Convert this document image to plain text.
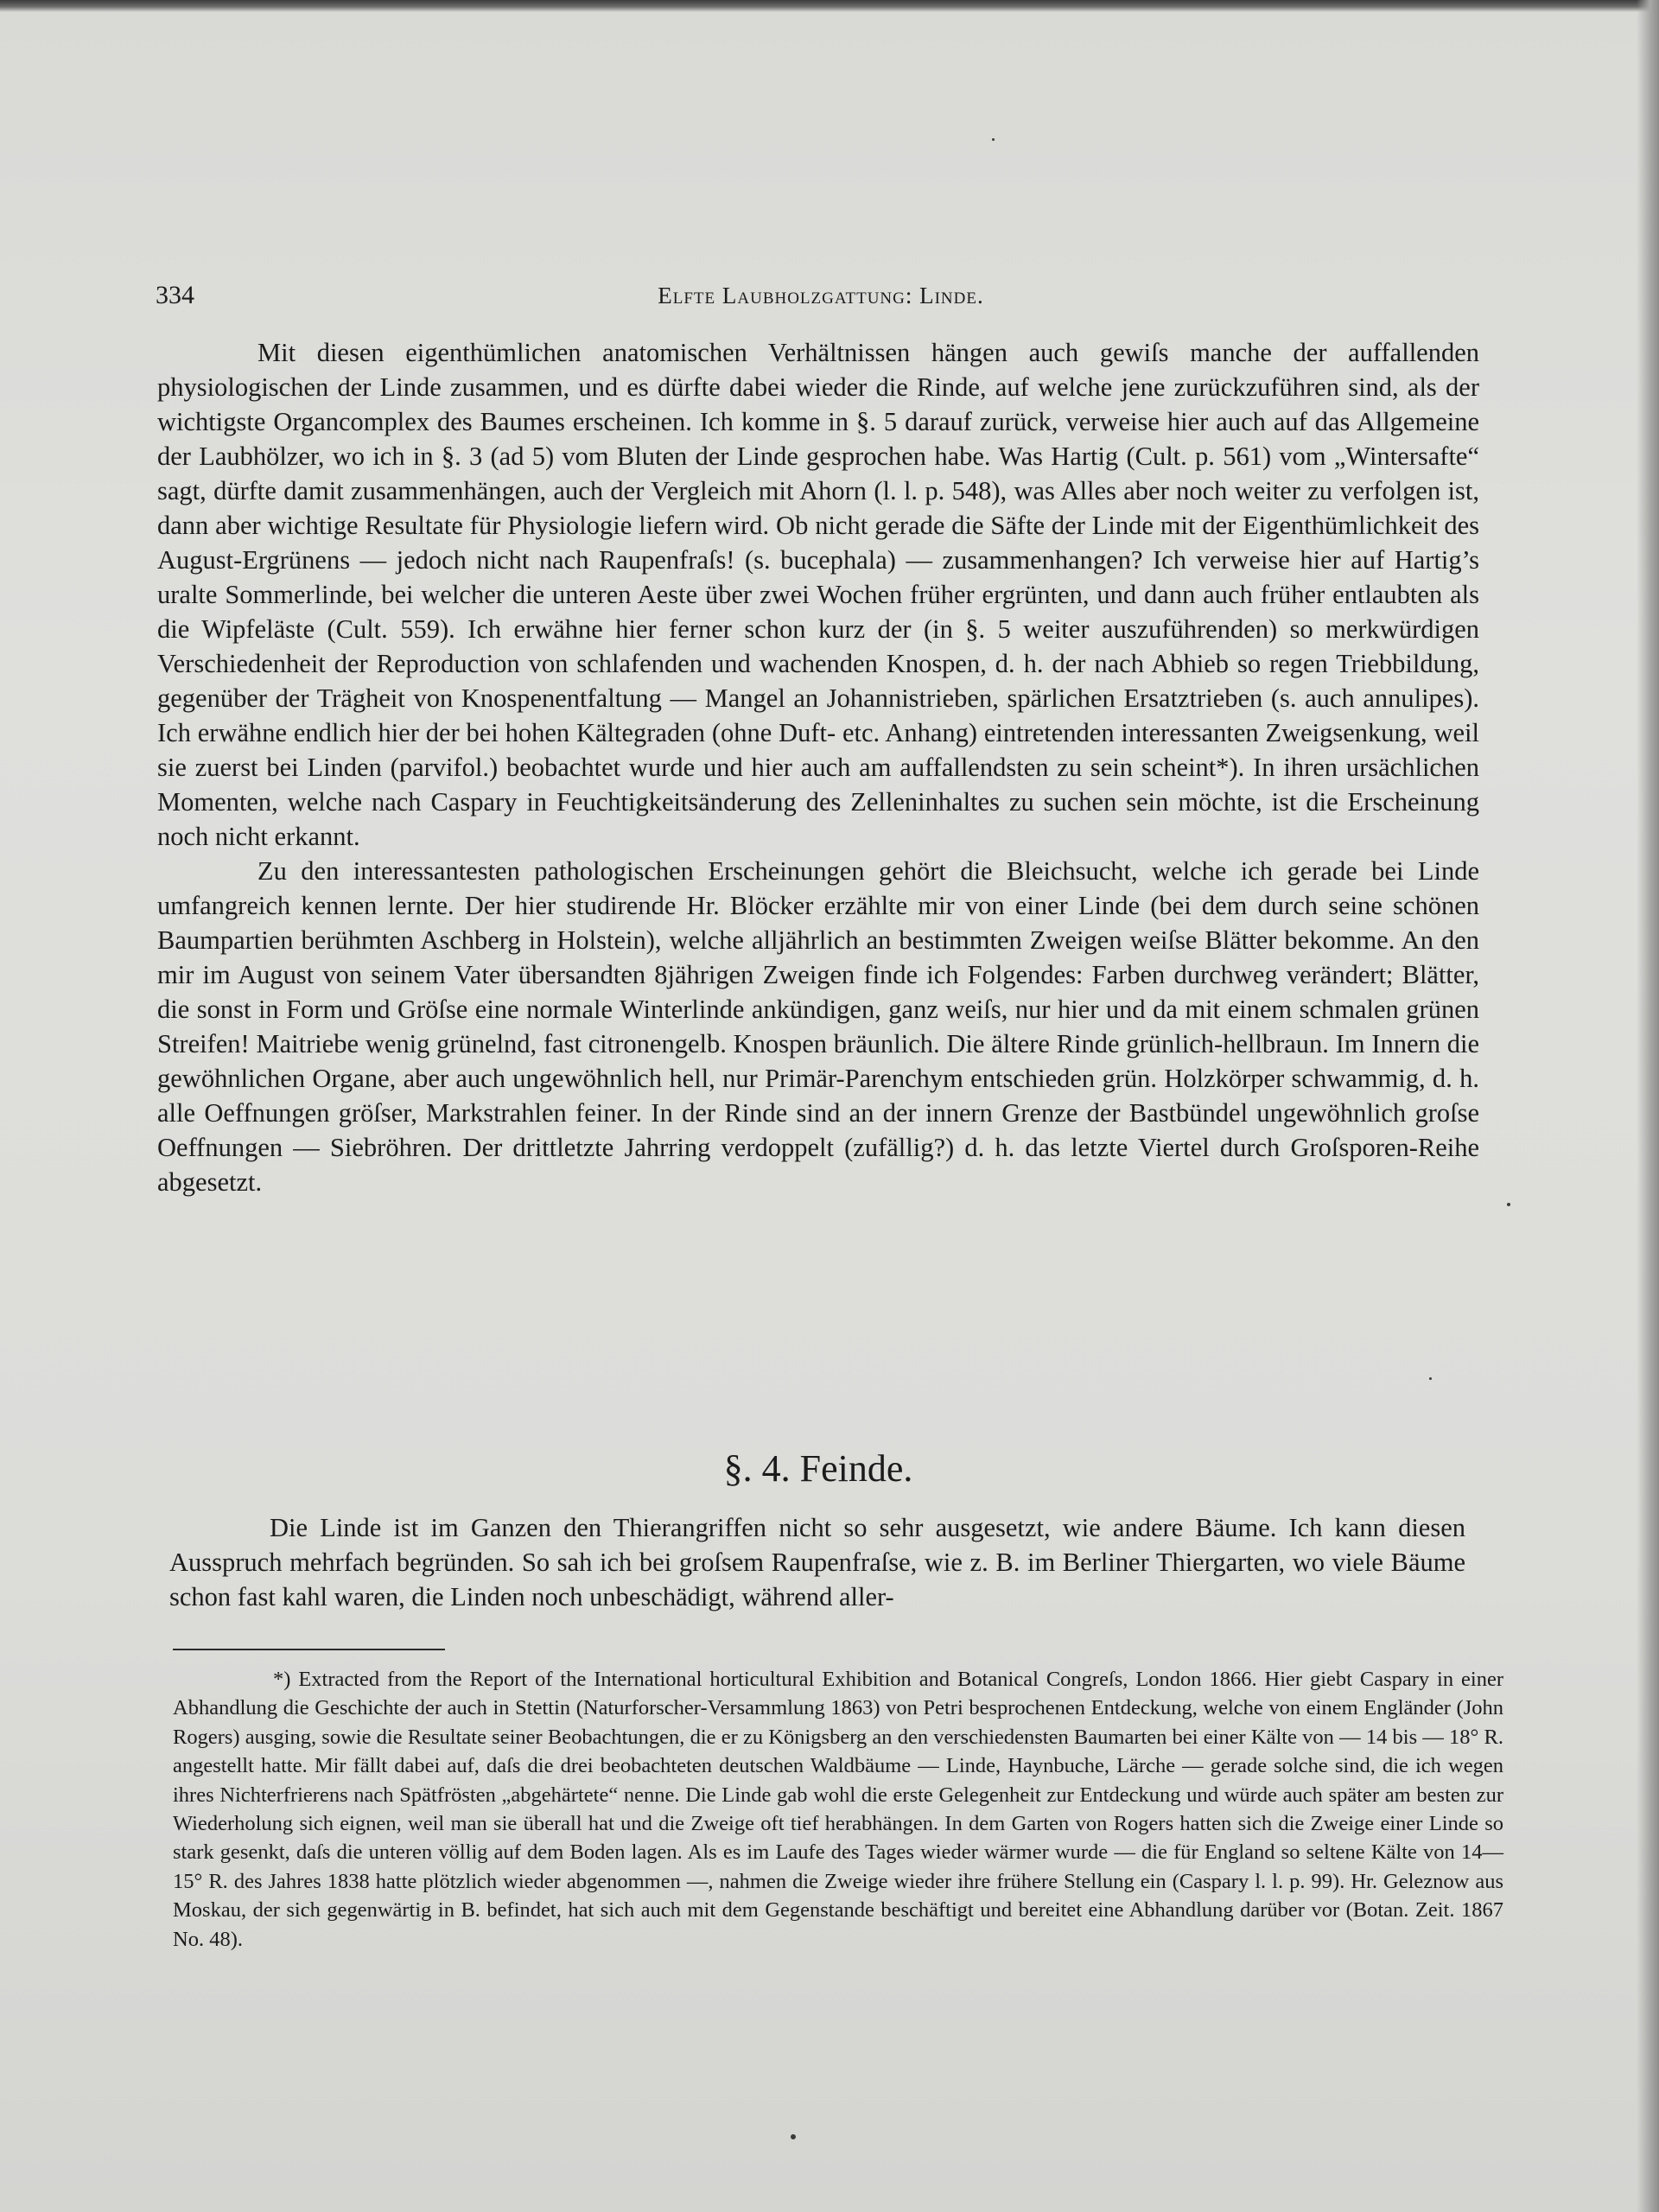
334	Elfte Laubholzgattung: Linde.

Mit diesen eigenthümlichen anatomischen Verhältnissen hängen auch gewiſs manche der auffallenden physiologischen der Linde zusammen, und es dürfte dabei wieder die Rinde, auf welche jene zurückzuführen sind, als der wichtigste Organcomplex des Baumes erscheinen. Ich komme in §. 5 darauf zurück, verweise hier auch auf das Allgemeine der Laubhölzer, wo ich in §. 3 (ad 5) vom Bluten der Linde gesprochen habe. Was Hartig (Cult. p. 561) vom „Wintersafte“ sagt, dürfte damit zusammenhängen, auch der Vergleich mit Ahorn (l. l. p. 548), was Alles aber noch weiter zu verfolgen ist, dann aber wichtige Resultate für Physiologie liefern wird. Ob nicht gerade die Säfte der Linde mit der Eigenthümlichkeit des August-Ergrünens — jedoch nicht nach Raupenfraſs! (s. bucephala) — zusammenhangen? Ich verweise hier auf Hartig’s uralte Sommerlinde, bei welcher die unteren Aeste über zwei Wochen früher ergrünten, und dann auch früher entlaubten als die Wipfeläste (Cult. 559). Ich erwähne hier ferner schon kurz der (in §. 5 weiter auszuführenden) so merkwürdigen Verschiedenheit der Reproduction von schlafenden und wachenden Knospen, d. h. der nach Abhieb so regen Triebbildung, gegenüber der Trägheit von Knospenentfaltung — Mangel an Johannistrieben, spärlichen Ersatztrieben (s. auch annulipes). Ich erwähne endlich hier der bei hohen Kältegraden (ohne Duft- etc. Anhang) eintretenden interessanten Zweigsenkung, weil sie zuerst bei Linden (parvifol.) beobachtet wurde und hier auch am auffallendsten zu sein scheint*). In ihren ursächlichen Momenten, welche nach Caspary in Feuchtigkeitsänderung des Zelleninhaltes zu suchen sein möchte, ist die Erscheinung noch nicht erkannt.

Zu den interessantesten pathologischen Erscheinungen gehört die Bleichsucht, welche ich gerade bei Linde umfangreich kennen lernte. Der hier studirende Hr. Blöcker erzählte mir von einer Linde (bei dem durch seine schönen Baumpartien berühmten Aschberg in Holstein), welche alljährlich an bestimmten Zweigen weiſse Blätter bekomme. An den mir im August von seinem Vater übersandten 8jährigen Zweigen finde ich Folgendes: Farben durchweg verändert; Blätter, die sonst in Form und Gröſse eine normale Winterlinde ankündigen, ganz weiſs, nur hier und da mit einem schmalen grünen Streifen! Maitriebe wenig grünelnd, fast citronengelb. Knospen bräunlich. Die ältere Rinde grünlich-hellbraun. Im Innern die gewöhnlichen Organe, aber auch ungewöhnlich hell, nur Primär-Parenchym entschieden grün. Holzkörper schwammig, d. h. alle Oeffnungen gröſser, Markstrahlen feiner. In der Rinde sind an der innern Grenze der Bastbündel ungewöhnlich groſse Oeffnungen — Siebröhren. Der drittletzte Jahrring verdoppelt (zufällig?) d. h. das letzte Viertel durch Groſsporen-Reihe abgesetzt.

§. 4. Feinde.

Die Linde ist im Ganzen den Thierangriffen nicht so sehr ausgesetzt, wie andere Bäume. Ich kann diesen Ausspruch mehrfach begründen. So sah ich bei groſsem Raupenfraſse, wie z. B. im Berliner Thiergarten, wo viele Bäume schon fast kahl waren, die Linden noch unbeschädigt, während aller-

*) Extracted from the Report of the International horticultural Exhibition and Botanical Congreſs, London 1866. Hier giebt Caspary in einer Abhandlung die Geschichte der auch in Stettin (Naturforscher-Versammlung 1863) von Petri besprochenen Entdeckung, welche von einem Engländer (John Rogers) ausging, sowie die Resultate seiner Beobachtungen, die er zu Königsberg an den verschiedensten Baumarten bei einer Kälte von — 14 bis — 18° R. angestellt hatte. Mir fällt dabei auf, daſs die drei beobachteten deutschen Waldbäume — Linde, Haynbuche, Lärche — gerade solche sind, die ich wegen ihres Nichterfrierens nach Spätfrösten „abgehärtete“ nenne. Die Linde gab wohl die erste Gelegenheit zur Entdeckung und würde auch später am besten zur Wiederholung sich eignen, weil man sie überall hat und die Zweige oft tief herabhängen. In dem Garten von Rogers hatten sich die Zweige einer Linde so stark gesenkt, daſs die unteren völlig auf dem Boden lagen. Als es im Laufe des Tages wieder wärmer wurde — die für England so seltene Kälte von 14—15° R. des Jahres 1838 hatte plötzlich wieder abgenommen —, nahmen die Zweige wieder ihre frühere Stellung ein (Caspary l. l. p. 99). Hr. Geleznow aus Moskau, der sich gegenwärtig in B. befindet, hat sich auch mit dem Gegenstande beschäftigt und bereitet eine Abhandlung darüber vor (Botan. Zeit. 1867 No. 48).
